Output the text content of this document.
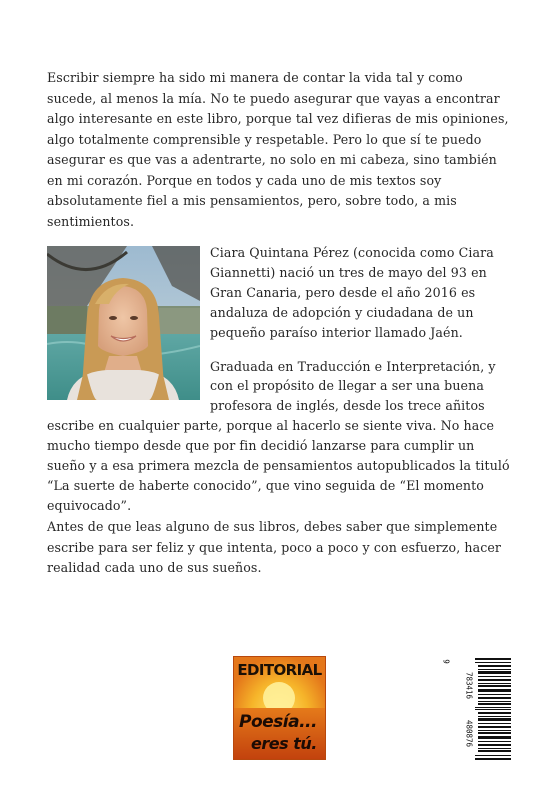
Escribir siempre ha sido mi manera de contar la vida tal y como sucede, al menos la mía. No te puedo asegurar que vayas a encontrar algo interesante en este libro, porque tal vez difieras de mis opiniones, algo totalmente comprensible y respetable. Pero lo que sí te puedo asegurar es que vas a adentrarte, no solo en mi cabeza, sino también en mi corazón. Porque en todos y cada uno de mis textos soy absolutamente fiel a mis pensamientos, pero, sobre todo, a mis sentimientos.

Ciara Quintana Pérez (conocida como Ciara Giannetti) nació un tres de mayo del 93 en Gran Canaria, pero desde el año 2016 es andaluza de adopción y ciudadana de un pequeño paraíso interior llamado Jaén.

Graduada en Traducción e Interpretación, y con el propósito de llegar a ser una buena profesora de inglés, desde los trece añitos escribe en cualquier parte, porque al hacerlo se siente viva. No hace mucho tiempo desde que por fin decidió lanzarse para cumplir un sueño y a esa primera mezcla de pensamientos autopublicados la tituló “La suerte de haberte conocido”, que vino seguida de “El momento equivocado”.

Antes de que leas alguno de sus libros, debes saber que simplemente escribe para ser feliz y que intenta, poco a poco y con esfuerzo, hacer realidad cada uno de sus sueños.

EDITORIAL
Poesía...
eres tú.
9
783416
480876
